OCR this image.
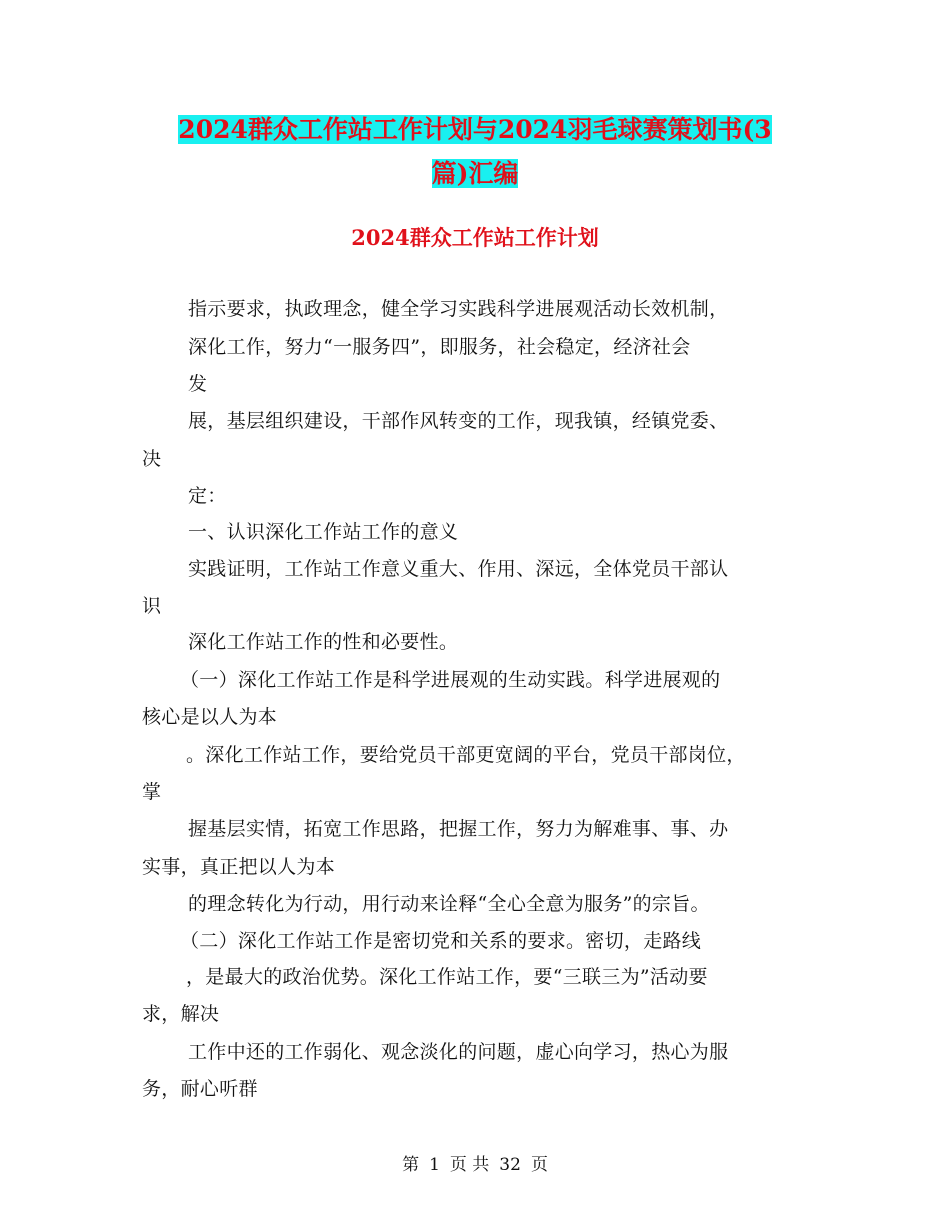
2024群众工作站工作计划与2024羽毛球赛策划书(3
篇)汇编
2024群众工作站工作计划
指示要求，执政理念，健全学习实践科学进展观活动长效机制，
深化工作，努力“一服务四”，即服务，社会稳定，经济社会
发
展，基层组织建设，干部作风转变的工作，现我镇，经镇党委、
决
定：
一、认识深化工作站工作的意义
实践证明，工作站工作意义重大、作用、深远，全体党员干部认
识
深化工作站工作的性和必要性。
（一）深化工作站工作是科学进展观的生动实践。科学进展观的
核心是以人为本
。深化工作站工作，要给党员干部更宽阔的平台，党员干部岗位，
掌
握基层实情，拓宽工作思路，把握工作，努力为解难事、事、办
实事，真正把以人为本
的理念转化为行动，用行动来诠释“全心全意为服务”的宗旨。
（二）深化工作站工作是密切党和关系的要求。密切，走路线
，是最大的政治优势。深化工作站工作，要“三联三为”活动要
求，解决
工作中还的工作弱化、观念淡化的问题，虚心向学习，热心为服
务，耐心听群
第 1 页 共 32 页
